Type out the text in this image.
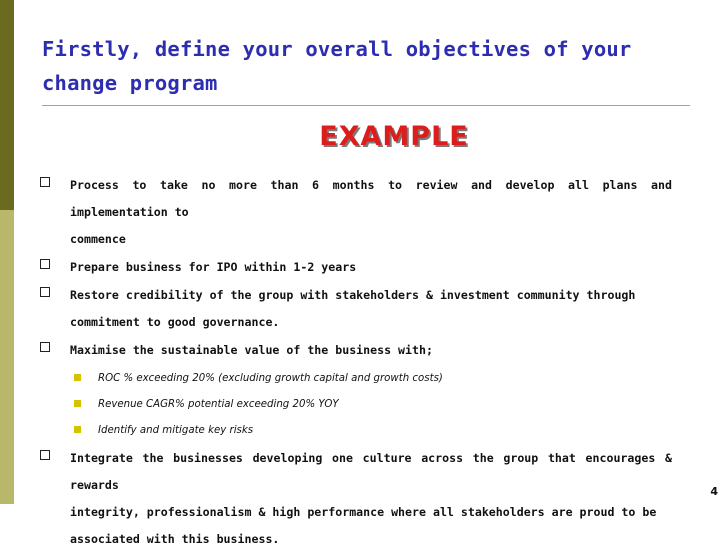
Firstly, define your overall objectives of your
change program
EXAMPLE
Process to take no more than 6 months to review and develop all plans and implementation to
commence
Prepare business for IPO within 1-2 years
Restore credibility of the group with stakeholders & investment community through
commitment to good governance.
Maximise the sustainable value of the business with;
ROC % exceeding 20% (excluding growth capital and growth costs)
Revenue CAGR% potential exceeding 20% YOY
Identify and mitigate key risks
Integrate the businesses developing one culture across the group that encourages & rewards
integrity, professionalism & high performance where all stakeholders are proud to be
associated with this business.
4
